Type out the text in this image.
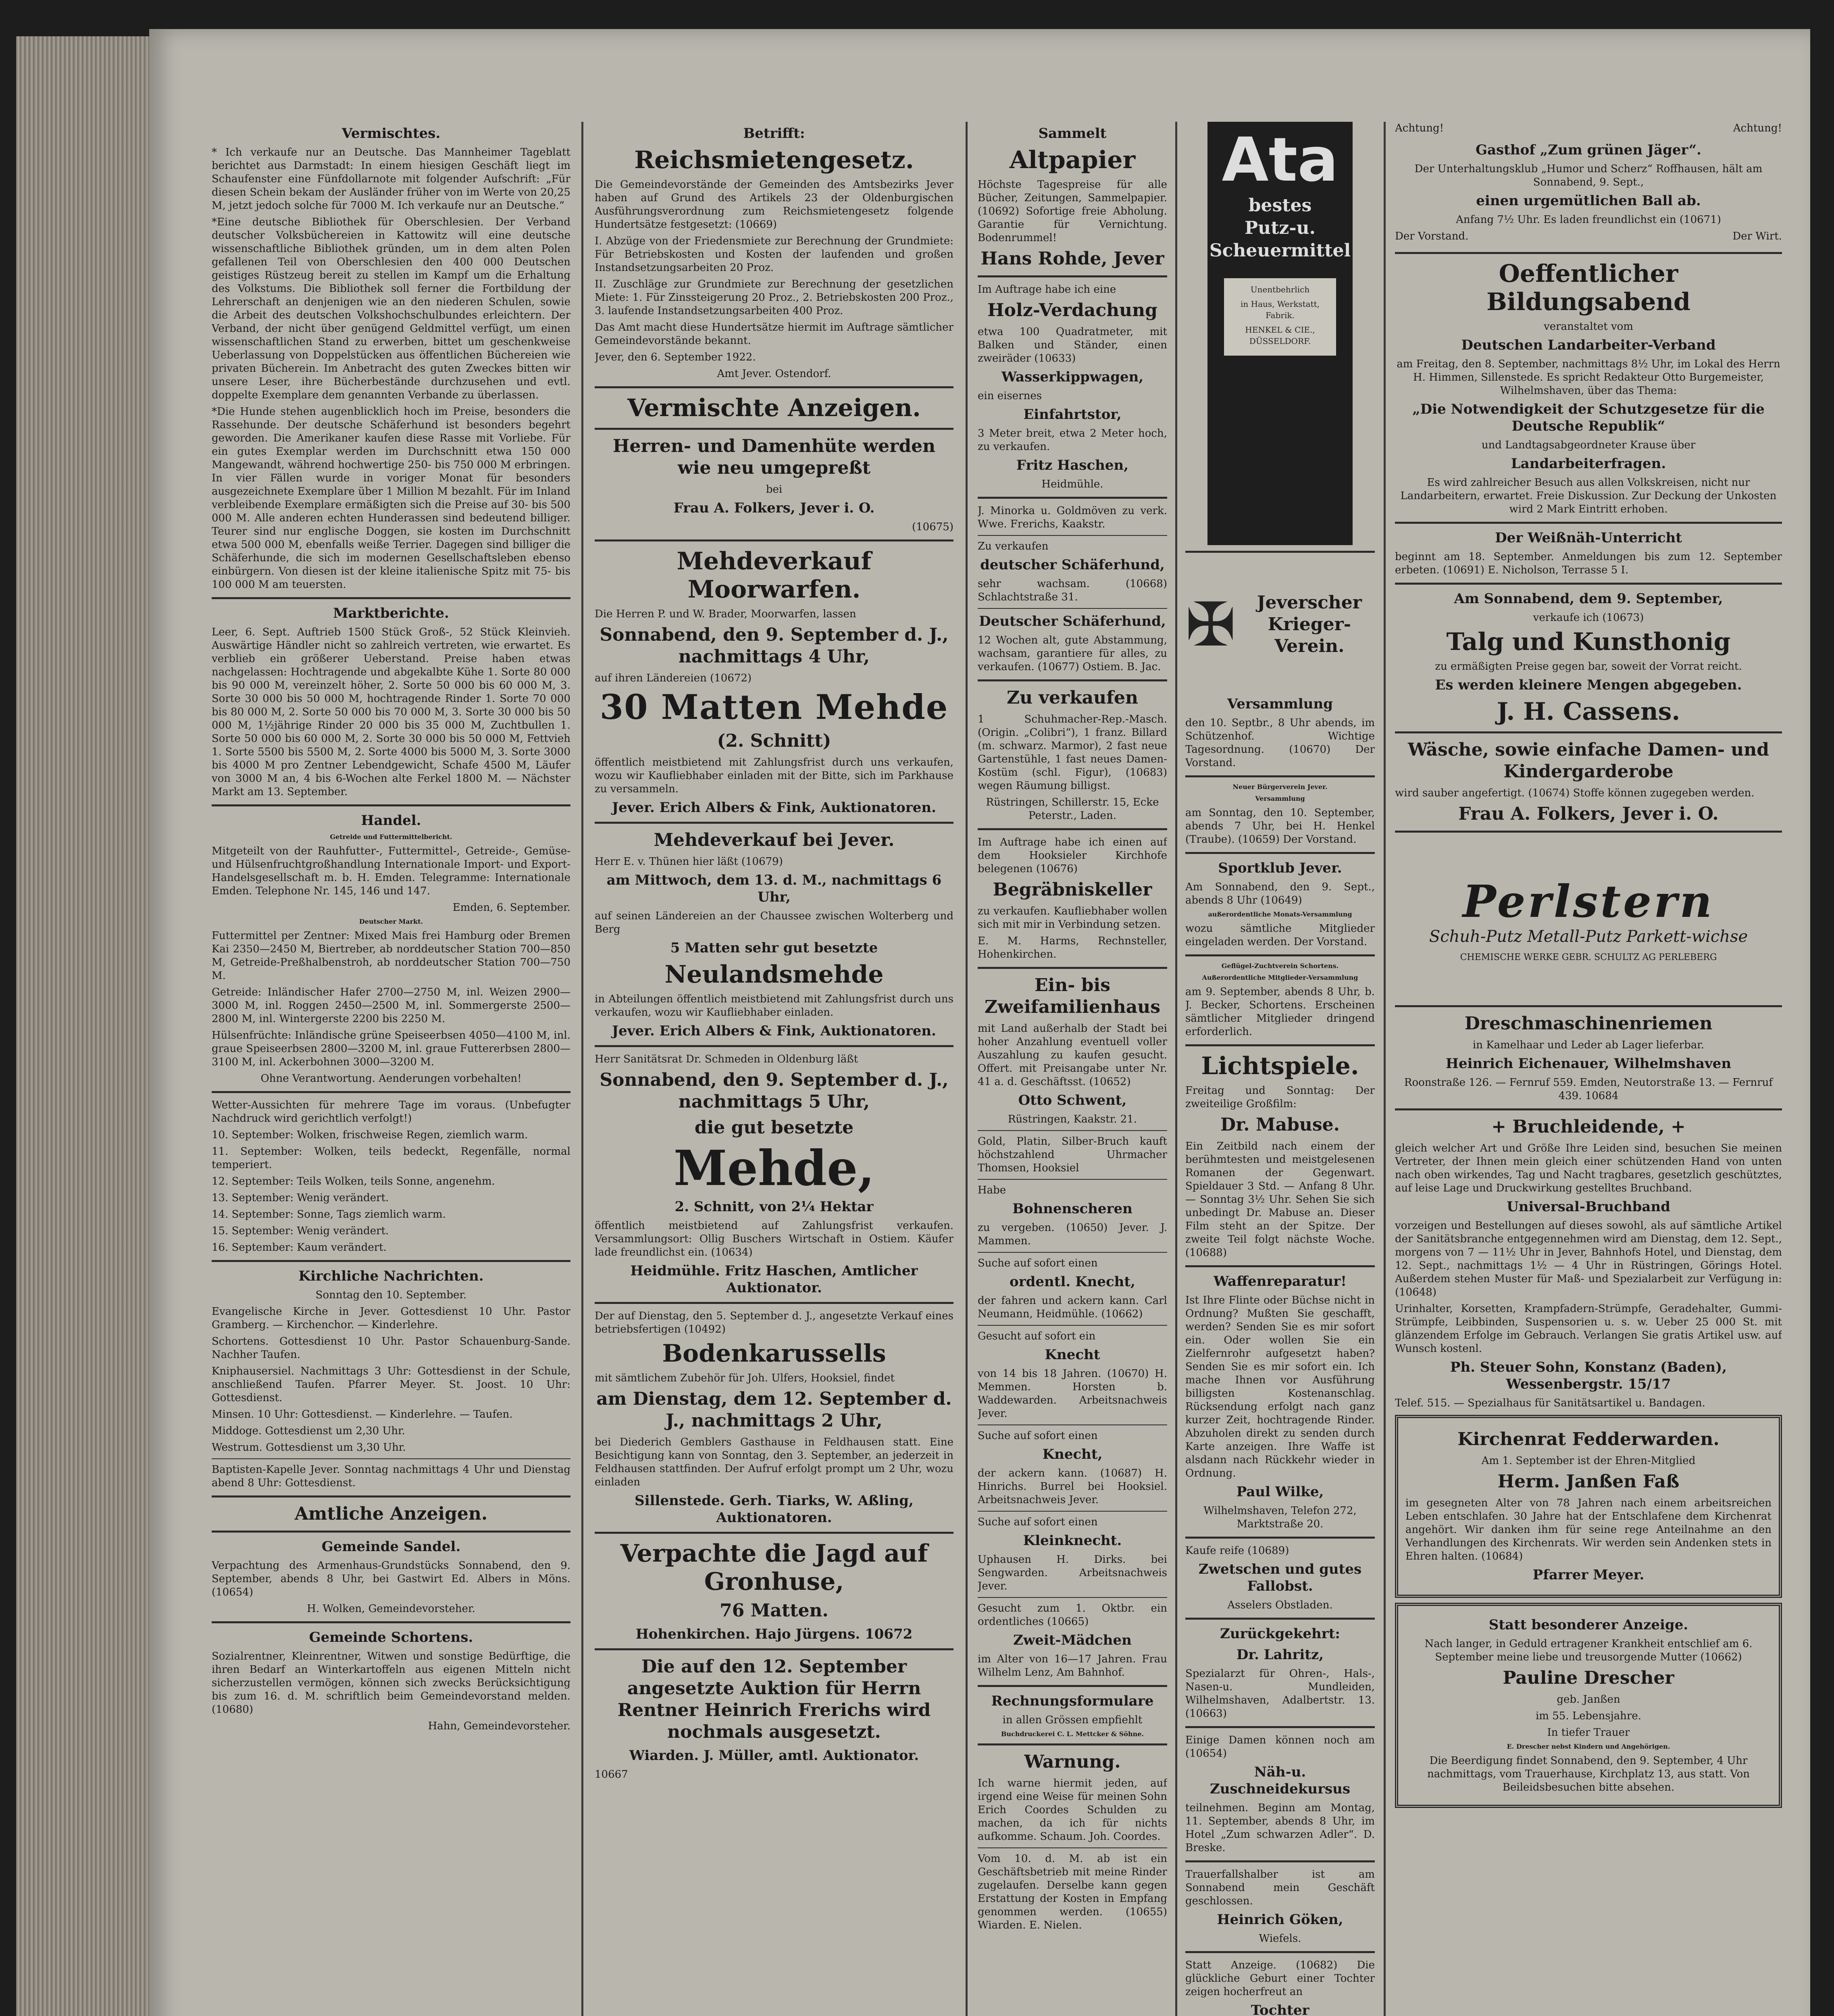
Vermischtes.

* Ich verkaufe nur an Deutsche. Das Mannheimer Tageblatt berichtet aus Darmstadt: In einem hiesigen Geschäft liegt im Schaufenster eine Fünfdollarnote mit folgender Aufschrift: „Für diesen Schein bekam der Ausländer früher von im Werte von 20,25 M, jetzt jedoch solche für 7000 M. Ich verkaufe nur an Deutsche.“

*Eine deutsche Bibliothek für Oberschlesien. Der Verband deutscher Volksbüchereien in Kattowitz will eine deutsche wissenschaftliche Bibliothek gründen, um in dem alten Polen gefallenen Teil von Oberschlesien den 400 000 Deutschen geistiges Rüstzeug bereit zu stellen im Kampf um die Erhaltung des Volkstums. Die Bibliothek soll ferner die Fortbildung der Lehrerschaft an denjenigen wie an den niederen Schulen, sowie die Arbeit des deutschen Volkshochschulbundes erleichtern. Der Verband, der nicht über genügend Geldmittel verfügt, um einen wissenschaftlichen Stand zu erwerben, bittet um geschenkweise Ueberlassung von Doppelstücken aus öffentlichen Büchereien wie privaten Bücherein. Im Anbetracht des guten Zweckes bitten wir unsere Leser, ihre Bücherbestände durchzusehen und evtl. doppelte Exemplare dem genannten Verbande zu überlassen.

*Die Hunde stehen augenblicklich hoch im Preise, besonders die Rassehunde. Der deutsche Schäferhund ist besonders begehrt geworden. Die Amerikaner kaufen diese Rasse mit Vorliebe. Für ein gutes Exemplar werden im Durchschnitt etwa 150 000 Mangewandt, während hochwertige 250- bis 750 000 M erbringen. In vier Fällen wurde in voriger Monat für besonders ausgezeichnete Exemplare über 1 Million M bezahlt. Für im Inland verbleibende Exemplare ermäßigten sich die Preise auf 30- bis 500 000 M. Alle anderen echten Hunderassen sind bedeutend billiger. Teurer sind nur englische Doggen, sie kosten im Durchschnitt etwa 500 000 M, ebenfalls weiße Terrier. Dagegen sind billiger die Schäferhunde, die sich im modernen Gesellschaftsleben ebenso einbürgern. Von diesen ist der kleine italienische Spitz mit 75- bis 100 000 M am teuersten.

Marktberichte.

Leer, 6. Sept. Auftrieb 1500 Stück Groß-, 52 Stück Kleinvieh. Auswärtige Händler nicht so zahlreich vertreten, wie erwartet. Es verblieb ein größerer Ueberstand. Preise haben etwas nachgelassen: Hochtragende und abgekalbte Kühe 1. Sorte 80 000 bis 90 000 M, vereinzelt höher, 2. Sorte 50 000 bis 60 000 M, 3. Sorte 30 000 bis 50 000 M, hochtragende Rinder 1. Sorte 70 000 bis 80 000 M, 2. Sorte 50 000 bis 70 000 M, 3. Sorte 30 000 bis 50 000 M, 1½jährige Rinder 20 000 bis 35 000 M, Zuchtbullen 1. Sorte 50 000 bis 60 000 M, 2. Sorte 30 000 bis 50 000 M, Fettvieh 1. Sorte 5500 bis 5500 M, 2. Sorte 4000 bis 5000 M, 3. Sorte 3000 bis 4000 M pro Zentner Lebendgewicht, Schafe 4500 M, Läufer von 3000 M an, 4 bis 6-Wochen alte Ferkel 1800 M. — Nächster Markt am 13. September.

Handel.
Getreide und Futtermittelbericht.

Mitgeteilt von der Rauhfutter-, Futtermittel-, Getreide-, Gemüse- und Hülsenfruchtgroßhandlung Internationale Import- und Export-Handelsgesellschaft m. b. H. Emden. Telegramme: Internationale Emden. Telephone Nr. 145, 146 und 147.

Emden, 6. September.

Deutscher Markt.

Futtermittel per Zentner: Mixed Mais frei Hamburg oder Bremen Kai 2350—2450 M, Biertreber, ab norddeutscher Station 700—850 M, Getreide-Preßhalbenstroh, ab norddeutscher Station 700—750 M.

Getreide: Inländischer Hafer 2700—2750 M, inl. Weizen 2900—3000 M, inl. Roggen 2450—2500 M, inl. Sommergerste 2500—2800 M, inl. Wintergerste 2200 bis 2250 M.

Hülsenfrüchte: Inländische grüne Speiseerbsen 4050—4100 M, inl. graue Speiseerbsen 2800—3200 M, inl. graue Futtererbsen 2800—3100 M, inl. Ackerbohnen 3000—3200 M.

Ohne Verantwortung. Aenderungen vorbehalten!

Wetter-Aussichten für mehrere Tage im voraus. (Unbefugter Nachdruck wird gerichtlich verfolgt!)

10. September: Wolken, frischweise Regen, ziemlich warm.

11. September: Wolken, teils bedeckt, Regenfälle, normal temperiert.

12. September: Teils Wolken, teils Sonne, angenehm.

13. September: Wenig verändert.

14. September: Sonne, Tags ziemlich warm.

15. September: Wenig verändert.

16. September: Kaum verändert.

Kirchliche Nachrichten.

Sonntag den 10. September.

Evangelische Kirche in Jever. Gottesdienst 10 Uhr. Pastor Gramberg. — Kirchenchor. — Kinderlehre.

Schortens. Gottesdienst 10 Uhr. Pastor Schauenburg-Sande. Nachher Taufen.

Kniphausersiel. Nachmittags 3 Uhr: Gottesdienst in der Schule, anschließend Taufen. Pfarrer Meyer. St. Joost. 10 Uhr: Gottesdienst.

Minsen. 10 Uhr: Gottesdienst. — Kinderlehre. — Taufen.

Middoge. Gottesdienst um 2,30 Uhr.

Westrum. Gottesdienst um 3,30 Uhr.

Baptisten-Kapelle Jever. Sonntag nachmittags 4 Uhr und Dienstag abend 8 Uhr: Gottesdienst.

Amtliche Anzeigen.
Gemeinde Sandel.

Verpachtung des Armenhaus-Grundstücks Sonnabend, den 9. September, abends 8 Uhr, bei Gastwirt Ed. Albers in Möns. (10654)

H. Wolken, Gemeindevorsteher.

Gemeinde Schortens.

Sozialrentner, Kleinrentner, Witwen und sonstige Bedürftige, die ihren Bedarf an Winterkartoffeln aus eigenen Mitteln nicht sicherzustellen vermögen, können sich zwecks Berücksichtigung bis zum 16. d. M. schriftlich beim Gemeindevorstand melden. (10680)

Hahn, Gemeindevorsteher.

Betrifft:
Reichsmietengesetz.

Die Gemeindevorstände der Gemeinden des Amtsbezirks Jever haben auf Grund des Artikels 23 der Oldenburgischen Ausführungsverordnung zum Reichsmietengesetz folgende Hundertsätze festgesetzt: (10669)

I. Abzüge von der Friedensmiete zur Berechnung der Grundmiete: Für Betriebskosten und Kosten der laufenden und großen Instandsetzungsarbeiten 20 Proz.

II. Zuschläge zur Grundmiete zur Berechnung der gesetzlichen Miete: 1. Für Zinssteigerung 20 Proz., 2. Betriebskosten 200 Proz., 3. laufende Instandsetzungsarbeiten 400 Proz.

Das Amt macht diese Hundertsätze hiermit im Auftrage sämtlicher Gemeindevorstände bekannt.

Jever, den 6. September 1922.

Amt Jever. Ostendorf.

Vermischte Anzeigen.
Herren- und Damenhüte werden wie neu umgepreßt

bei

Frau A. Folkers, Jever i. O.

(10675)

Mehdeverkauf Moorwarfen.

Die Herren P. und W. Brader, Moorwarfen, lassen

Sonnabend, den 9. September d. J., nachmittags 4 Uhr,

auf ihren Ländereien (10672)

30 Matten Mehde
(2. Schnitt)

öffentlich meistbietend mit Zahlungsfrist durch uns verkaufen, wozu wir Kaufliebhaber einladen mit der Bitte, sich im Parkhause zu versammeln.

Jever. Erich Albers & Fink, Auktionatoren.
Mehdeverkauf bei Jever.

Herr E. v. Thünen hier läßt (10679)

am Mittwoch, dem 13. d. M., nachmittags 6 Uhr,

auf seinen Ländereien an der Chaussee zwischen Wolterberg und Berg

5 Matten sehr gut besetzte
Neulandsmehde

in Abteilungen öffentlich meistbietend mit Zahlungsfrist durch uns verkaufen, wozu wir Kaufliebhaber einladen.

Jever. Erich Albers & Fink, Auktionatoren.

Herr Sanitätsrat Dr. Schmeden in Oldenburg läßt

Sonnabend, den 9. September d. J., nachmittags 5 Uhr,
die gut besetzte
Mehde,
2. Schnitt, von 2¼ Hektar

öffentlich meistbietend auf Zahlungsfrist verkaufen. Versammlungsort: Ollig Buschers Wirtschaft in Ostiem. Käufer lade freundlichst ein. (10634)

Heidmühle. Fritz Haschen, Amtlicher Auktionator.

Der auf Dienstag, den 5. September d. J., angesetzte Verkauf eines betriebsfertigen (10492)

Bodenkarussells

mit sämtlichem Zubehör für Joh. Ulfers, Hooksiel, findet

am Dienstag, dem 12. September d. J., nachmittags 2 Uhr,

bei Diederich Gemblers Gasthause in Feldhausen statt. Eine Besichtigung kann von Sonntag, den 3. September, an jederzeit in Feldhausen stattfinden. Der Aufruf erfolgt prompt um 2 Uhr, wozu einladen

Sillenstede. Gerh. Tiarks, W. Aßling, Auktionatoren.
Verpachte die Jagd auf Gronhuse,
76 Matten.
Hohenkirchen. Hajo Jürgens. 10672
Die auf den 12. September angesetzte Auktion für Herrn Rentner Heinrich Frerichs wird nochmals ausgesetzt.
Wiarden. J. Müller, amtl. Auktionator.

10667

Sammelt
Altpapier

Höchste Tagespreise für alle Bücher, Zeitungen, Sammelpapier. (10692) Sofortige freie Abholung. Garantie für Vernichtung. Bodenrummel!

Hans Rohde, Jever

Im Auftrage habe ich eine

Holz-Verdachung

etwa 100 Quadratmeter, mit Balken und Ständer, einen zweiräder (10633)

Wasserkippwagen,

ein eisernes

Einfahrtstor,

3 Meter breit, etwa 2 Meter hoch, zu verkaufen.

Fritz Haschen,

Heidmühle.

J. Minorka u. Goldmöven zu verk. Wwe. Frerichs, Kaakstr.

Zu verkaufen

deutscher Schäferhund,

sehr wachsam. (10668) Schlachtstraße 31.

Deutscher Schäferhund,

12 Wochen alt, gute Abstammung, wachsam, garantiere für alles, zu verkaufen. (10677) Ostiem. B. Jac.

Zu verkaufen

1 Schuhmacher-Rep.-Masch. (Origin. „Colibri“), 1 franz. Billard (m. schwarz. Marmor), 2 fast neue Gartenstühle, 1 fast neues Damen-Kostüm (schl. Figur), (10683) wegen Räumung billigst.

Rüstringen, Schillerstr. 15, Ecke Peterstr., Laden.

Im Auftrage habe ich einen auf dem Hooksieler Kirchhofe belegenen (10676)

Begräbniskeller

zu verkaufen. Kaufliebhaber wollen sich mit mir in Verbindung setzen.

E. M. Harms, Rechnsteller, Hohenkirchen.

Ein- bis Zweifamilienhaus

mit Land außerhalb der Stadt bei hoher Anzahlung eventuell voller Auszahlung zu kaufen gesucht. Offert. mit Preisangabe unter Nr. 41 a. d. Geschäftsst. (10652)

Otto Schwent,

Rüstringen, Kaakstr. 21.

Gold, Platin, Silber-Bruch kauft höchstzahlend Uhrmacher Thomsen, Hooksiel

Habe

Bohnenscheren

zu vergeben. (10650) Jever. J. Mammen.

Suche auf sofort einen

ordentl. Knecht,

der fahren und ackern kann. Carl Neumann, Heidmühle. (10662)

Gesucht auf sofort ein

Knecht

von 14 bis 18 Jahren. (10670) H. Memmen. Horsten b. Waddewarden. Arbeitsnachweis Jever.

Suche auf sofort einen

Knecht,

der ackern kann. (10687) H. Hinrichs. Burrel bei Hooksiel. Arbeitsnachweis Jever.

Suche auf sofort einen

Kleinknecht.

Uphausen H. Dirks. bei Sengwarden. Arbeitsnachweis Jever.

Gesucht zum 1. Oktbr. ein ordentliches (10665)

Zweit-Mädchen

im Alter von 16—17 Jahren. Frau Wilhelm Lenz, Am Bahnhof.

Rechnungsformulare

in allen Grössen empfiehlt

Buchdruckerei C. L. Mettcker & Söhne.
Warnung.

Ich warne hiermit jeden, auf irgend eine Weise für meinen Sohn Erich Coordes Schulden zu machen, da ich für nichts aufkomme. Schaum. Joh. Coordes.

Vom 10. d. M. ab ist ein Geschäftsbetrieb mit meine Rinder zugelaufen. Derselbe kann gegen Erstattung der Kosten in Empfang genommen werden. (10655) Wiarden. E. Nielen.

Ata
bestes
Putz-u.
Scheuermittel

Unentbehrlich

in Haus, Werkstatt, Fabrik.

HENKEL & CIE., DÜSSELDORF.

✠	Jeverscher Krieger-Verein.
Versammlung

den 10. Septbr., 8 Uhr abends, im Schützenhof. Wichtige Tagesordnung. (10670) Der Vorstand.

Neuer Bürgerverein Jever.
Versammlung

am Sonntag, den 10. September, abends 7 Uhr, bei H. Henkel (Traube). (10659) Der Vorstand.

Sportklub Jever.

Am Sonnabend, den 9. Sept., abends 8 Uhr (10649)

außerordentliche Monats-Versammlung

wozu sämtliche Mitglieder eingeladen werden. Der Vorstand.

Geflügel-Zuchtverein Schortens.
Außerordentliche Mitglieder-Versammlung

am 9. September, abends 8 Uhr, b. J. Becker, Schortens. Erscheinen sämtlicher Mitglieder dringend erforderlich.

Lichtspiele.

Freitag und Sonntag: Der zweiteilige Großfilm:

Dr. Mabuse.

Ein Zeitbild nach einem der berühmtesten und meistgelesenen Romanen der Gegenwart. Spieldauer 3 Std. — Anfang 8 Uhr. — Sonntag 3½ Uhr. Sehen Sie sich unbedingt Dr. Mabuse an. Dieser Film steht an der Spitze. Der zweite Teil folgt nächste Woche. (10688)

Waffenreparatur!

Ist Ihre Flinte oder Büchse nicht in Ordnung? Mußten Sie geschafft, werden? Senden Sie es mir sofort ein. Oder wollen Sie ein Zielfernrohr aufgesetzt haben? Senden Sie es mir sofort ein. Ich mache Ihnen vor Ausführung billigsten Kostenanschlag. Rücksendung erfolgt nach ganz kurzer Zeit, hochtragende Rinder. Abzuholen direkt zu senden durch Karte anzeigen. Ihre Waffe ist alsdann nach Rückkehr wieder in Ordnung.

Paul Wilke,

Wilhelmshaven, Telefon 272, Marktstraße 20.

Kaufe reife (10689)

Zwetschen und gutes Fallobst.

Asselers Obstladen.

Zurückgekehrt:
Dr. Lahritz,

Spezialarzt für Ohren-, Hals-, Nasen-u. Mundleiden, Wilhelmshaven, Adalbertstr. 13. (10663)

Einige Damen können noch am (10654)

Näh-u. Zuschneidekursus

teilnehmen. Beginn am Montag, 11. September, abends 8 Uhr, im Hotel „Zum schwarzen Adler“. D. Breske.

Trauerfallshalber ist am Sonnabend mein Geschäft geschlossen.

Heinrich Göken,

Wiefels.

Statt Anzeige. (10682) Die glückliche Geburt einer Tochter zeigen hocherfreut an

Tochter

Achtung!	Achtung!

Gasthof „Zum grünen Jäger“.

Der Unterhaltungsklub „Humor und Scherz“ Roffhausen, hält am Sonnabend, 9. Sept.,

einen urgemütlichen Ball ab.

Anfang 7½ Uhr. Es laden freundlichst ein (10671)

Der Vorstand.	Der Wirt.

Oeffentlicher Bildungsabend

veranstaltet vom

Deutschen Landarbeiter-Verband

am Freitag, den 8. September, nachmittags 8½ Uhr, im Lokal des Herrn H. Himmen, Sillenstede. Es spricht Redakteur Otto Burgemeister, Wilhelmshaven, über das Thema:

„Die Notwendigkeit der Schutzgesetze für die Deutsche Republik“

und Landtagsabgeordneter Krause über

Landarbeiterfragen.

Es wird zahlreicher Besuch aus allen Volkskreisen, nicht nur Landarbeitern, erwartet. Freie Diskussion. Zur Deckung der Unkosten wird 2 Mark Eintritt erhoben.

Der Weißnäh-Unterricht

beginnt am 18. September. Anmeldungen bis zum 12. September erbeten. (10691) E. Nicholson, Terrasse 5 I.

Am Sonnabend, dem 9. September,

verkaufe ich (10673)

Talg und Kunsthonig

zu ermäßigten Preise gegen bar, soweit der Vorrat reicht.

Es werden kleinere Mengen abgegeben.
J. H. Cassens.
Wäsche, sowie einfache Damen- und Kindergarderobe

wird sauber angefertigt. (10674) Stoffe können zugegeben werden.

Frau A. Folkers, Jever i. O.
Perlstern
Schuh-Putz Metall-Putz Parkett-wichse
CHEMISCHE WERKE GEBR. SCHULTZ AG PERLEBERG
Dreschmaschinenriemen

in Kamelhaar und Leder ab Lager lieferbar.

Heinrich Eichenauer, Wilhelmshaven

Roonstraße 126. — Fernruf 559. Emden, Neutorstraße 13. — Fernruf 439. 10684

+ Bruchleidende, +

gleich welcher Art und Größe Ihre Leiden sind, besuchen Sie meinen Vertreter, der Ihnen mein gleich einer schützenden Hand von unten nach oben wirkendes, Tag und Nacht tragbares, gesetzlich geschütztes, auf leise Lage und Druckwirkung gestelltes Bruchband.

Universal-Bruchband

vorzeigen und Bestellungen auf dieses sowohl, als auf sämtliche Artikel der Sanitätsbranche entgegennehmen wird am Dienstag, dem 12. Sept., morgens von 7 — 11½ Uhr in Jever, Bahnhofs Hotel, und Dienstag, dem 12. Sept., nachmittags 1½ — 4 Uhr in Rüstringen, Görings Hotel. Außerdem stehen Muster für Maß- und Spezialarbeit zur Verfügung in: (10648)

Urinhalter, Korsetten, Krampfadern-Strümpfe, Geradehalter, Gummi-Strümpfe, Leibbinden, Suspensorien u. s. w. Ueber 25 000 St. mit glänzendem Erfolge im Gebrauch. Verlangen Sie gratis Artikel usw. auf Wunsch kostenl.

Ph. Steuer Sohn, Konstanz (Baden), Wessenbergstr. 15/17

Telef. 515. — Spezialhaus für Sanitätsartikel u. Bandagen.

Kirchenrat Fedderwarden.

Am 1. September ist der Ehren-Mitglied

Herm. Janßen Faß

im gesegneten Alter von 78 Jahren nach einem arbeitsreichen Leben entschlafen. 30 Jahre hat der Entschlafene dem Kirchenrat angehört. Wir danken ihm für seine rege Anteilnahme an den Verhandlungen des Kirchenrats. Wir werden sein Andenken stets in Ehren halten. (10684)

Pfarrer Meyer.
Statt besonderer Anzeige.

Nach langer, in Geduld ertragener Krankheit entschlief am 6. September meine liebe und treusorgende Mutter (10662)

Pauline Drescher

geb. Janßen

im 55. Lebensjahre.

In tiefer Trauer

E. Drescher nebst Kindern und Angehörigen.

Die Beerdigung findet Sonnabend, den 9. September, 4 Uhr nachmittags, vom Trauerhause, Kirchplatz 13, aus statt. Von Beileidsbesuchen bitte absehen.
